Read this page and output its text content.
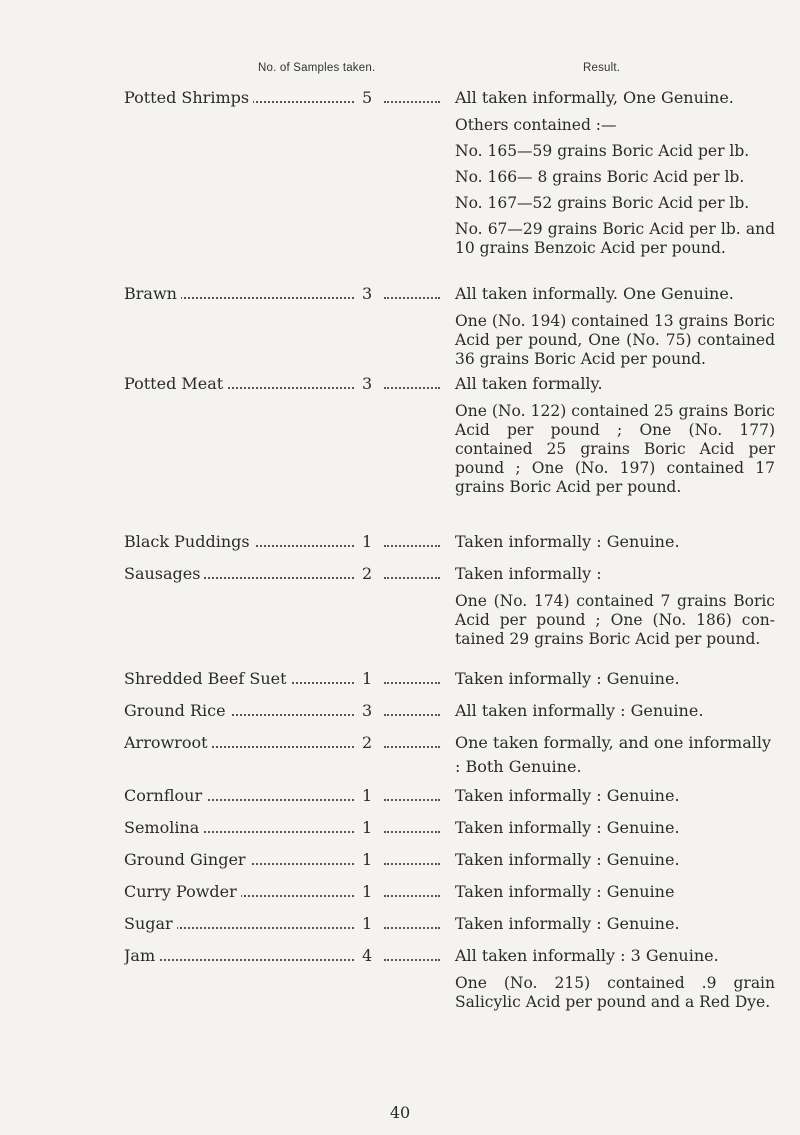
No. of Samples taken.	Result.
Potted Shrimps	5	All taken informally, One Genuine.

Others contained :—

No. 165—59 grains Boric Acid per lb.

No. 166— 8 grains Boric Acid per lb.

No. 167—52 grains Boric Acid per lb.

No. 67—29 grains Boric Acid per lb. and 10 grains Benzoic Acid per pound.

Brawn	3	All taken informally. One Genuine.

One (No. 194) contained 13 grains Boric Acid per pound, One (No. 75) contained 36 grains Boric Acid per pound.

Potted Meat	3	All taken formally.

One (No. 122) contained 25 grains Boric Acid per pound ; One (No. 177) contained 25 grains Boric Acid per pound ; One (No. 197) contained 17 grains Boric Acid per pound.

Black Puddings	1	Taken informally : Genuine.
Sausages	2	Taken informally :

One (No. 174) contained 7 grains Boric Acid per pound ; One (No. 186) con- tained 29 grains Boric Acid per pound.

Shredded Beef Suet	1	Taken informally : Genuine.
Ground Rice	3	All taken informally : Genuine.
Arrowroot	2	One taken formally, and one informally : Both Genuine.
Cornflour	1	Taken informally : Genuine.
Semolina	1	Taken informally : Genuine.
Ground Ginger	1	Taken informally : Genuine.
Curry Powder	1	Taken informally : Genuine
Sugar	1	Taken informally : Genuine.
Jam	4	All taken informally : 3 Genuine.

One (No. 215) contained .9 grain Salicylic Acid per pound and a Red Dye.

40
